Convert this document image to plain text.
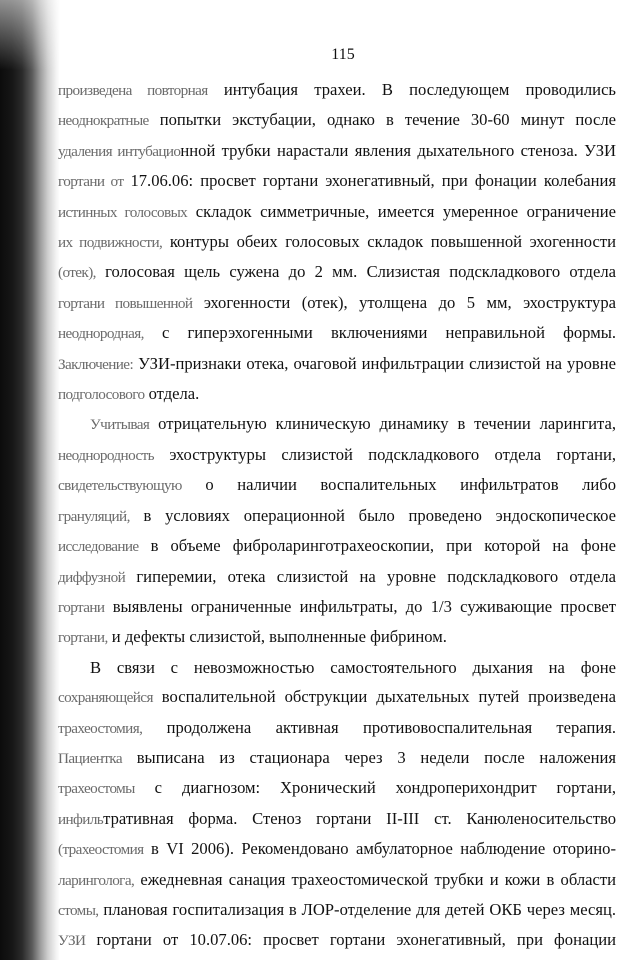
115

произведена повторная интубация трахеи. В последующем проводились
неоднократные попытки экстубации, однако в течение 30-60 минут после
удаления интубационной трубки нарастали явления дыхательного стеноза. УЗИ
гортани от 17.06.06: просвет гортани эхонегативный, при фонации колебания
истинных голосовых складок симметричные, имеется умеренное ограничение
их подвижности, контуры обеих голосовых складок повышенной эхогенности
(отек), голосовая щель сужена до 2 мм. Слизистая подскладкового отдела
гортани повышенной эхогенности (отек), утолщена до 5 мм, эхоструктура
неоднородная, с гиперэхогенными включениями неправильной формы.
Заключение: УЗИ-признаки отека, очаговой инфильтрации слизистой на уровне
подголосового отдела.

Учитывая отрицательную клиническую динамику в течении ларингита,
неоднородность эхоструктуры слизистой подскладкового отдела гортани,
свидетельствующую о наличии воспалительных инфильтратов либо
грануляций, в условиях операционной было проведено эндоскопическое
исследование в объеме фиброларинготрахеоскопии, при которой на фоне
диффузной гиперемии, отека слизистой на уровне подскладкового отдела
гортани выявлены ограниченные инфильтраты, до 1/3 суживающие просвет
гортани, и дефекты слизистой, выполненные фибрином.

В связи с невозможностью самостоятельного дыхания на фоне
сохраняющейся воспалительной обструкции дыхательных путей произведена
трахеостомия, продолжена активная противовоспалительная терапия.
Пациентка выписана из стационара через 3 недели после наложения
трахеостомы с диагнозом: Хронический хондроперихондрит гортани,
инфильтративная форма. Стеноз гортани II-III ст. Канюленосительство
(трахеостомия в VI 2006). Рекомендовано амбулаторное наблюдение оторино-
ларинголога, ежедневная санация трахеостомической трубки и кожи в области
стомы, плановая госпитализация в ЛОР-отделение для детей ОКБ через месяц.
УЗИ гортани от 10.07.06: просвет гортани эхонегативный, при фонации
